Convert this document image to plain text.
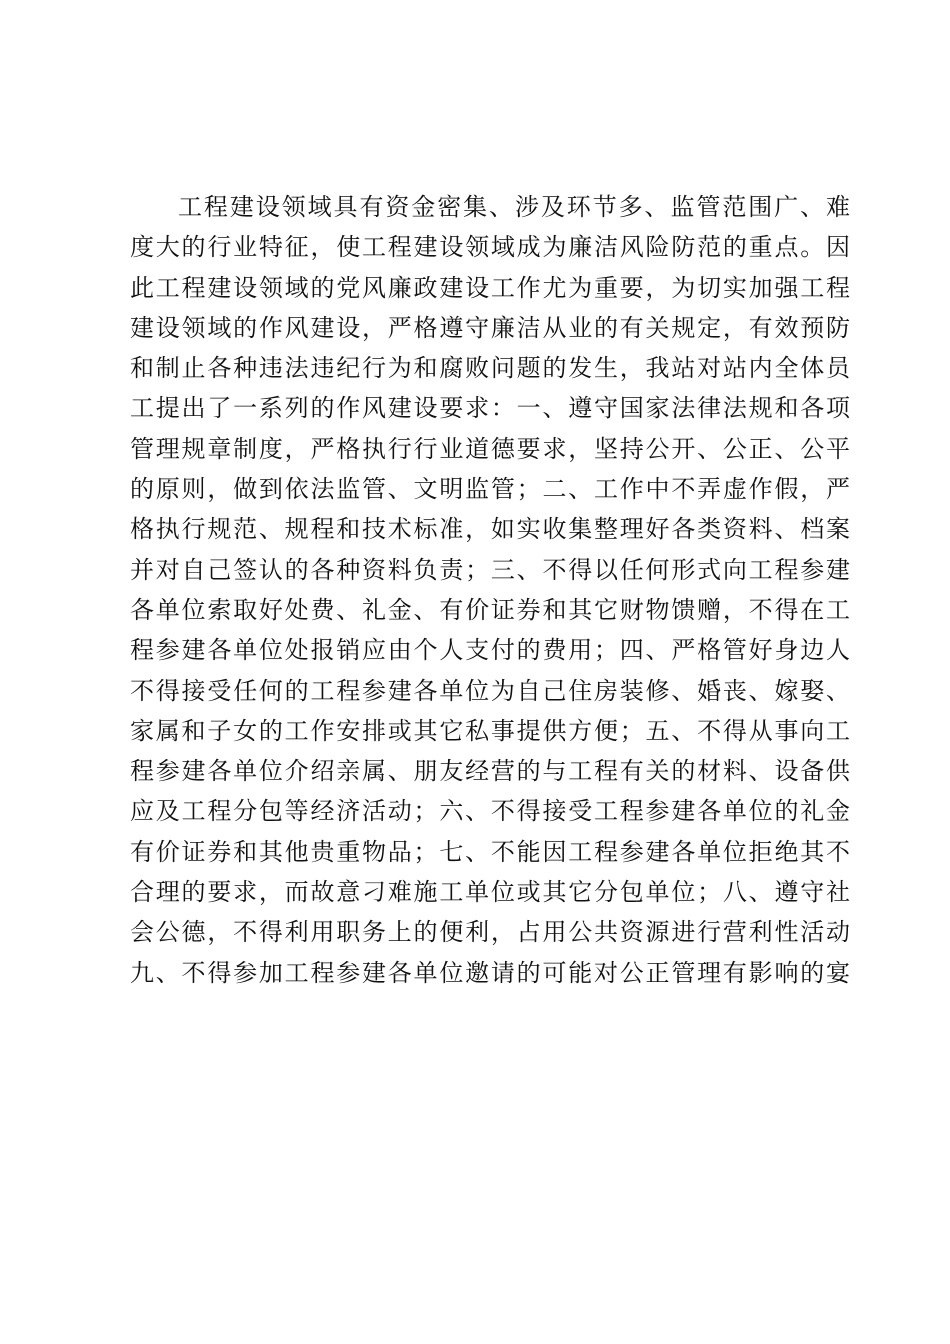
工程建设领域具有资金密集、涉及环节多、监管范围广、难
度大的行业特征，使工程建设领域成为廉洁风险防范的重点。因
此工程建设领域的党风廉政建设工作尤为重要，为切实加强工程
建设领域的作风建设，严格遵守廉洁从业的有关规定，有效预防
和制止各种违法违纪行为和腐败问题的发生，我站对站内全体员
工提出了一系列的作风建设要求：一、遵守国家法律法规和各项
管理规章制度，严格执行行业道德要求，坚持公开、公正、公平
的原则，做到依法监管、文明监管；二、工作中不弄虚作假，严
格执行规范、规程和技术标准，如实收集整理好各类资料、档案
并对自己签认的各种资料负责；三、不得以任何形式向工程参建
各单位索取好处费、礼金、有价证券和其它财物馈赠，不得在工
程参建各单位处报销应由个人支付的费用；四、严格管好身边人
不得接受任何的工程参建各单位为自己住房装修、婚丧、嫁娶、
家属和子女的工作安排或其它私事提供方便；五、不得从事向工
程参建各单位介绍亲属、朋友经营的与工程有关的材料、设备供
应及工程分包等经济活动；六、不得接受工程参建各单位的礼金
有价证券和其他贵重物品；七、不能因工程参建各单位拒绝其不
合理的要求，而故意刁难施工单位或其它分包单位；八、遵守社
会公德，不得利用职务上的便利，占用公共资源进行营利性活动
九、不得参加工程参建各单位邀请的可能对公正管理有影响的宴
